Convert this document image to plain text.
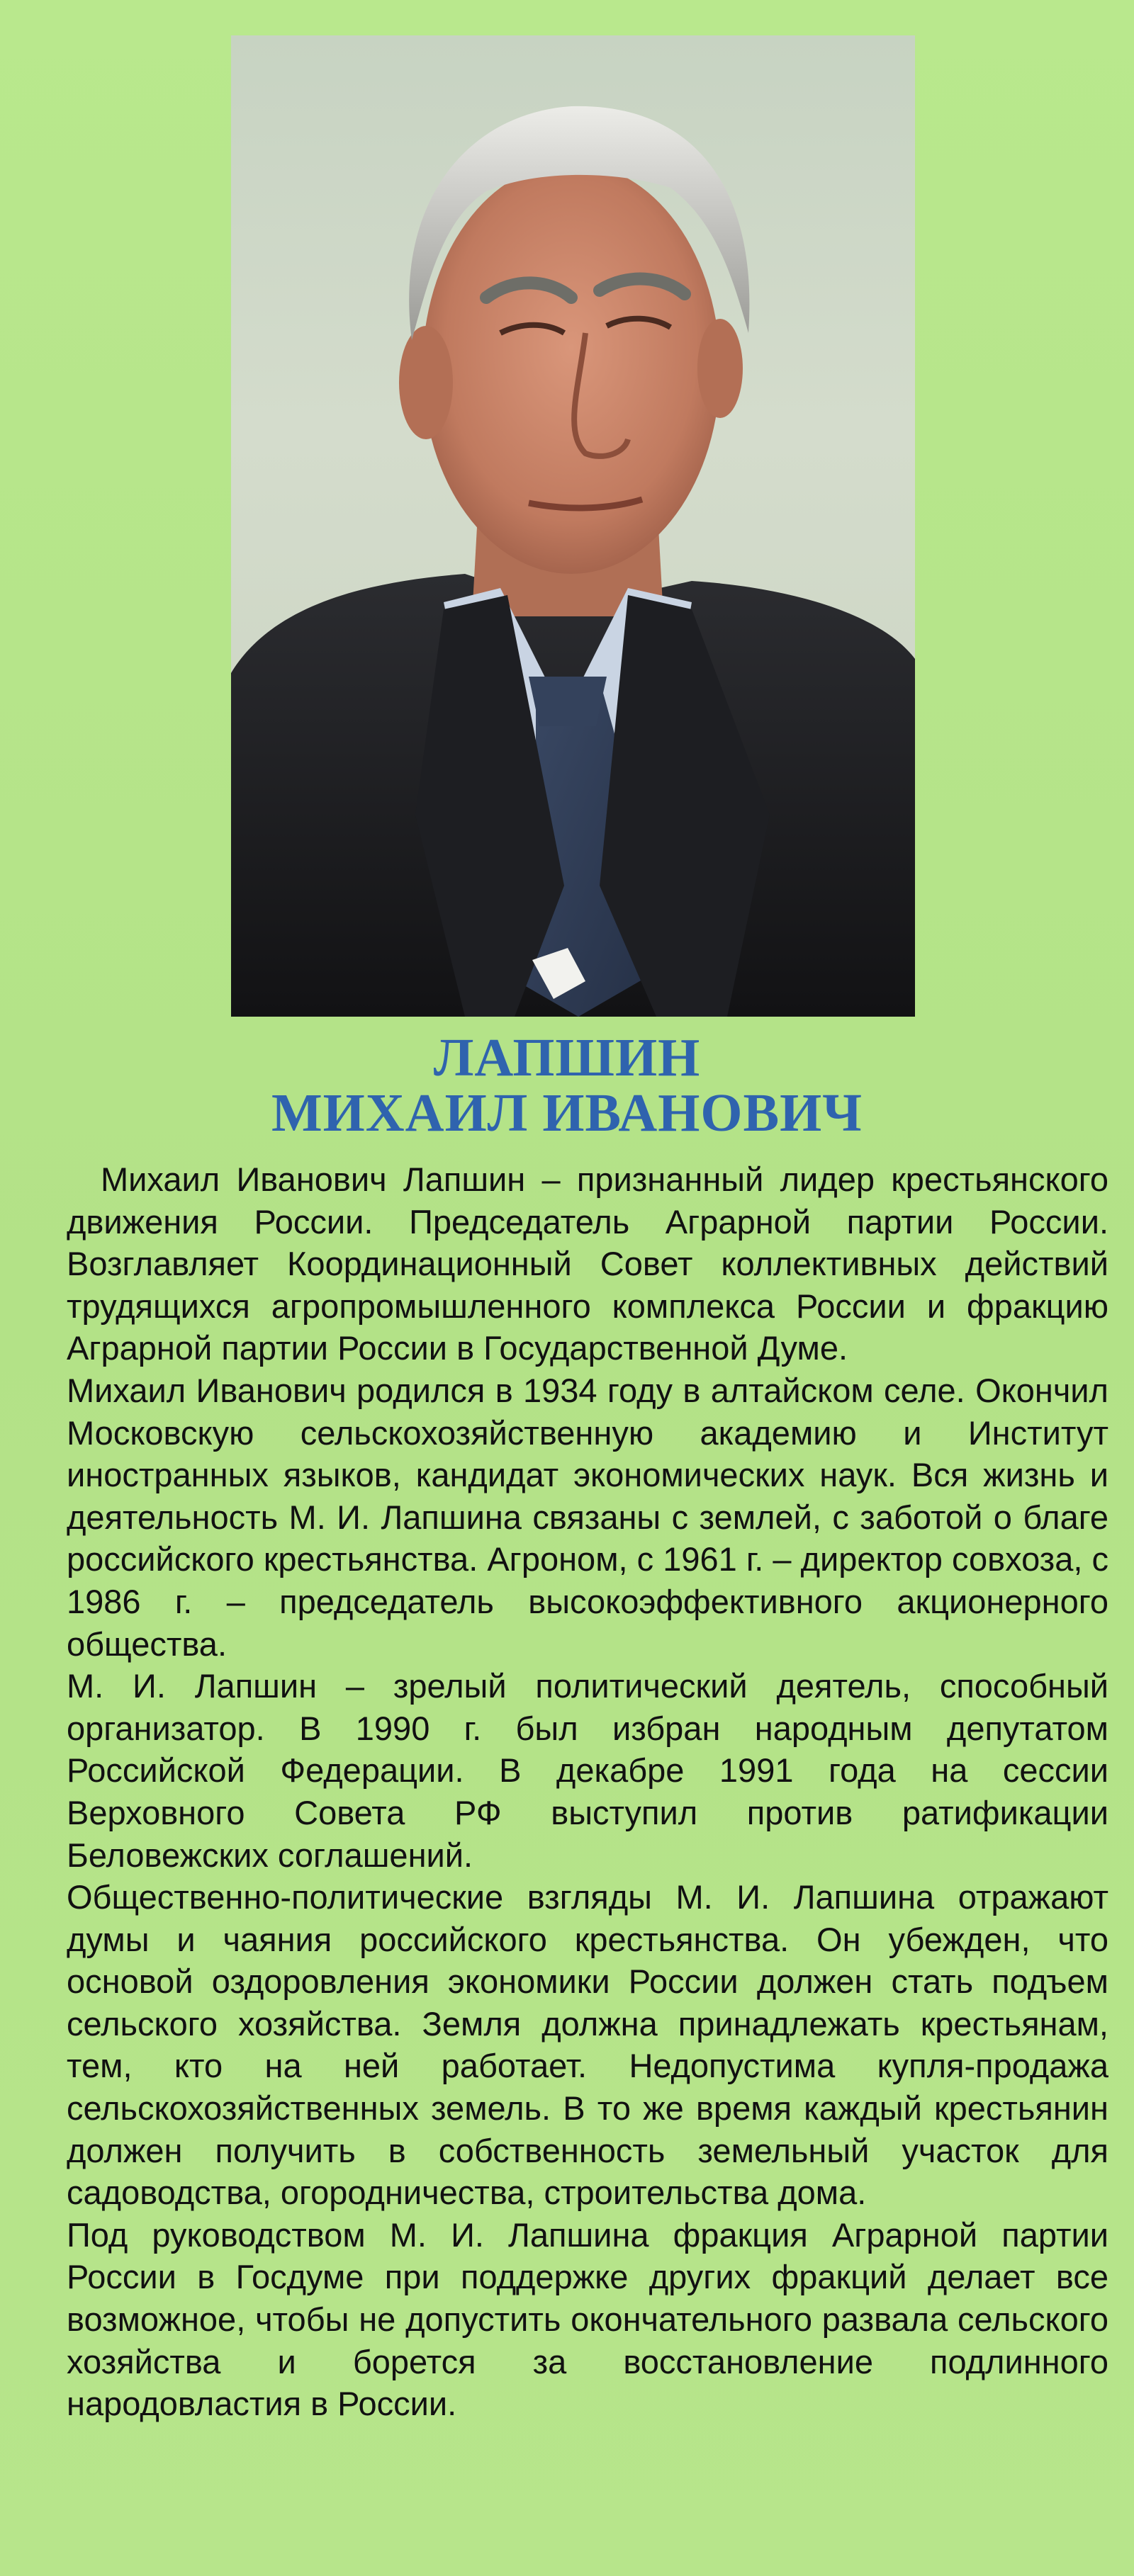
ЛАПШИН
МИХАИЛ ИВАНОВИЧ

Михаил Иванович Лапшин – признанный лидер крестьянского движения России. Председатель Аграрной партии России. Возглавляет Координационный Совет коллективных действий трудящихся агропромышленного комплекса России и фракцию Аграрной партии России в Государственной Думе.

Михаил Иванович родился в 1934 году в алтайском селе. Окончил Московскую сельскохозяйственную академию и Институт иностранных языков, кандидат экономических наук. Вся жизнь и деятельность М. И. Лапшина связаны с землей, с заботой о благе российского крестьянства. Агроном, с 1961 г. – директор совхоза, с 1986 г. – председатель высокоэффективного акционерного общества.

М. И. Лапшин – зрелый политический деятель, способный организатор. В 1990 г. был избран народным депутатом Российской Федерации. В декабре 1991 года на сессии Верховного Совета РФ выступил против ратификации Беловежских соглашений.

Общественно-политические взгляды М. И. Лапшина отражают думы и чаяния российского крестьянства. Он убежден, что основой оздоровления экономики России должен стать подъем сельского хозяйства. Земля должна принадлежать крестьянам, тем, кто на ней работает. Недопустима купля-продажа сельскохозяйственных земель. В то же время каждый крестьянин должен получить в собственность земельный участок для садоводства, огородничества, строительства дома.

Под руководством М. И. Лапшина фракция Аграрной партии России в Госдуме при поддержке других фракций делает все возможное, чтобы не допустить окончательного развала сельского хозяйства и борется за восстановление подлинного народовластия в России.
